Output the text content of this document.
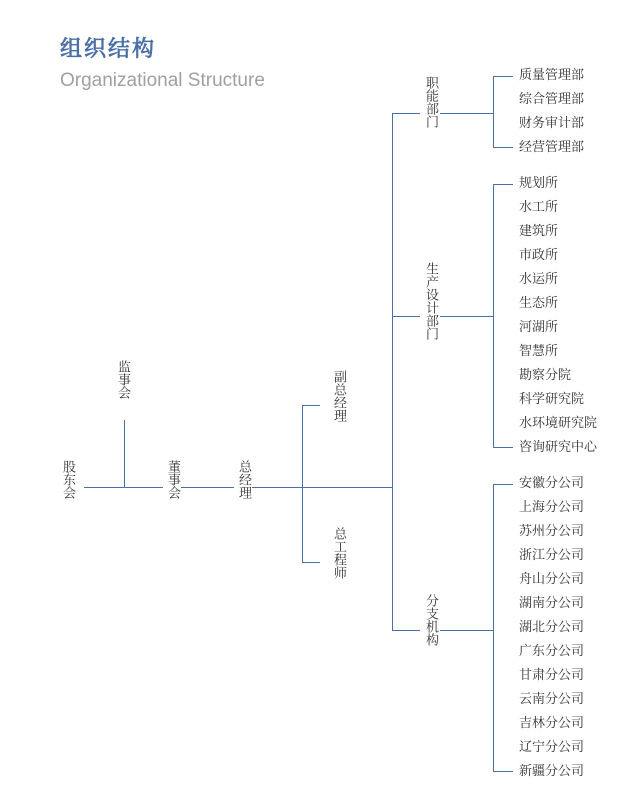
组织结构
Organizational Structure
股东会
监事会
董事会	总经理
副总经理
总工程师
职能部门
生产设计部门
分支机构
质量管理部
综合管理部
财务审计部
经营管理部
规划所
水工所
建筑所
市政所
水运所
生态所
河湖所
智慧所
勘察分院
科学研究院
水环境研究院
咨询研究中心
安徽分公司
上海分公司
苏州分公司
浙江分公司
舟山分公司
湖南分公司
湖北分公司
广东分公司
甘肃分公司
云南分公司
吉林分公司
辽宁分公司
新疆分公司
